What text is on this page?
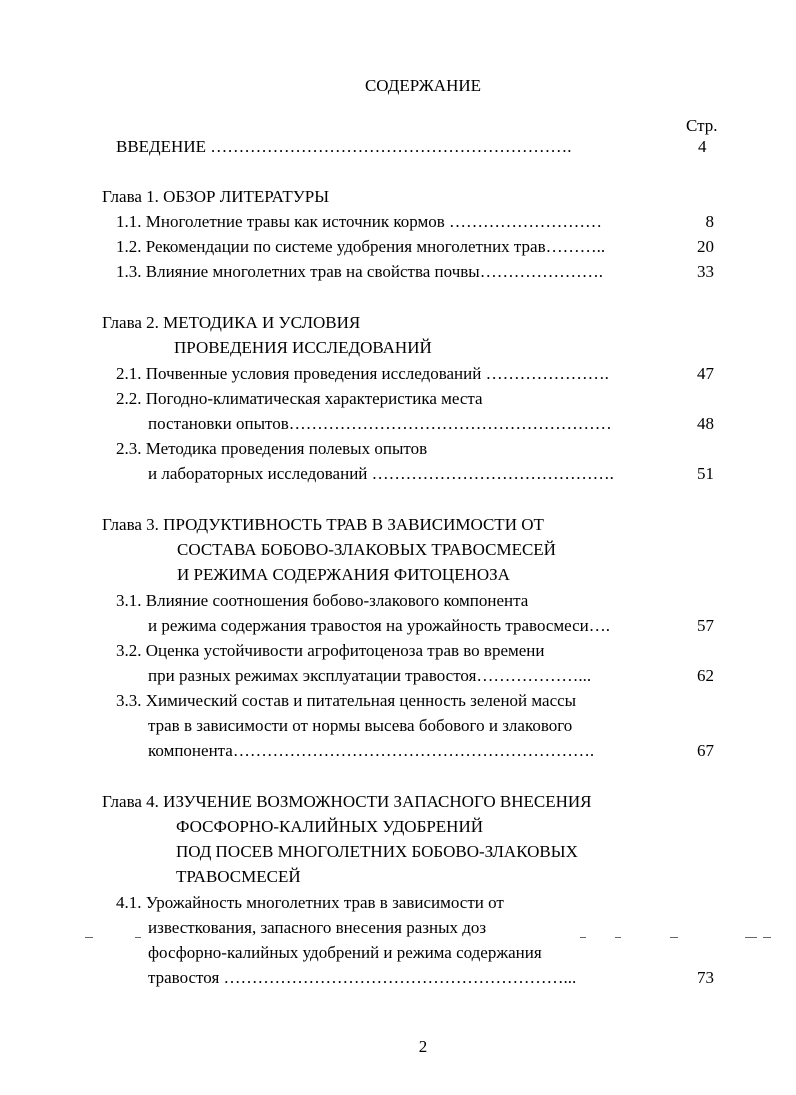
СОДЕРЖАНИЕ
Стр.
ВВЕДЕНИЕ ……………………………………………………….	4
Глава 1. ОБЗОР ЛИТЕРАТУРЫ
1.1. Многолетние травы как источник кормов ………………………	8
1.2. Рекомендации по системе удобрения многолетних трав………..	20
1.3. Влияние многолетних трав на свойства почвы………………….	33
Глава 2. МЕТОДИКА И УСЛОВИЯ
ПРОВЕДЕНИЯ ИССЛЕДОВАНИЙ
2.1. Почвенные условия проведения исследований ………………….	47
2.2. Погодно-климатическая характеристика места
постановки опытов…………………………………………………	48
2.3. Методика проведения полевых опытов
и лабораторных исследований …………………………………….	51
Глава 3. ПРОДУКТИВНОСТЬ ТРАВ В ЗАВИСИМОСТИ ОТ
СОСТАВА БОБОВО-ЗЛАКОВЫХ ТРАВОСМЕСЕЙ
И РЕЖИМА СОДЕРЖАНИЯ ФИТОЦЕНОЗА
3.1. Влияние соотношения бобово-злакового компонента
и режима содержания травостоя на урожайность травосмеси….	57
3.2. Оценка устойчивости агрофитоценоза трав во времени
при разных режимах эксплуатации травостоя………………...	62
3.3. Химический состав и питательная ценность зеленой массы
трав в зависимости от нормы высева бобового и злакового
компонента……………………………………………………….	67
Глава 4. ИЗУЧЕНИЕ ВОЗМОЖНОСТИ ЗАПАСНОГО ВНЕСЕНИЯ
ФОСФОРНО-КАЛИЙНЫХ УДОБРЕНИЙ
ПОД ПОСЕВ МНОГОЛЕТНИХ БОБОВО-ЗЛАКОВЫХ
ТРАВОСМЕСЕЙ
4.1. Урожайность многолетних трав в зависимости от
известкования, запасного внесения разных доз
фосфорно-калийных удобрений и режима содержания
травостоя ……………………………………………………...	73
2
